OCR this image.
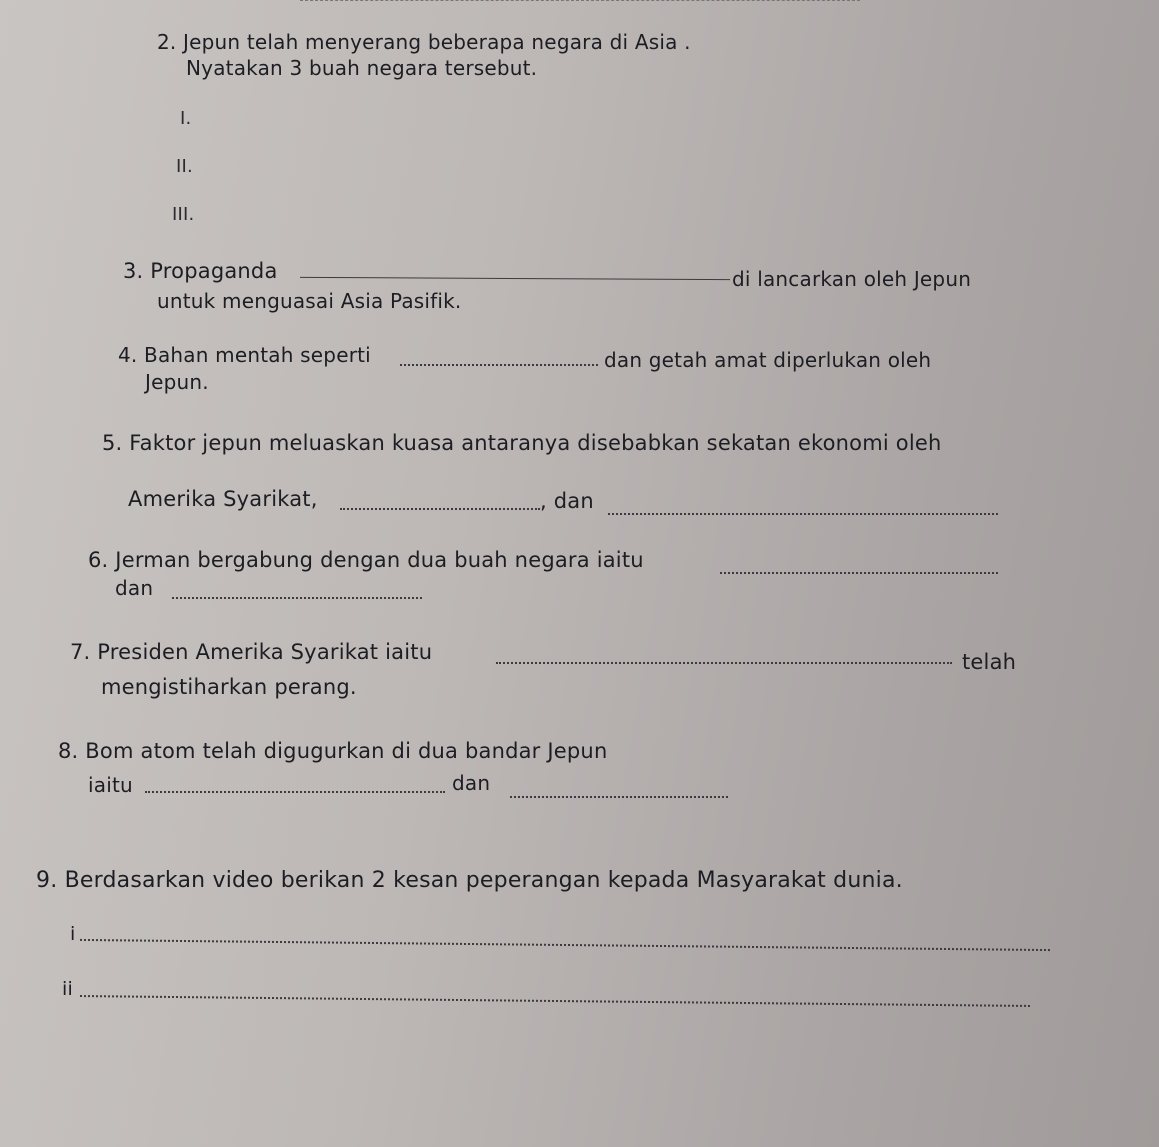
2. Jepun telah menyerang beberapa negara di Asia .
Nyatakan 3 buah negara tersebut.
I.
II.
III.
3. Propaganda	di lancarkan oleh Jepun
untuk menguasai Asia Pasifik.
4. Bahan mentah seperti	dan getah amat diperlukan oleh
Jepun.
5. Faktor jepun meluaskan kuasa antaranya disebabkan sekatan ekonomi oleh
Amerika Syarikat,	, dan
6. Jerman bergabung dengan dua buah negara iaitu
dan
7. Presiden Amerika Syarikat iaitu	telah
mengistiharkan perang.
8. Bom atom telah digugurkan di dua bandar Jepun
iaitu	dan
9. Berdasarkan video berikan 2 kesan peperangan kepada Masyarakat dunia.
i
ii
